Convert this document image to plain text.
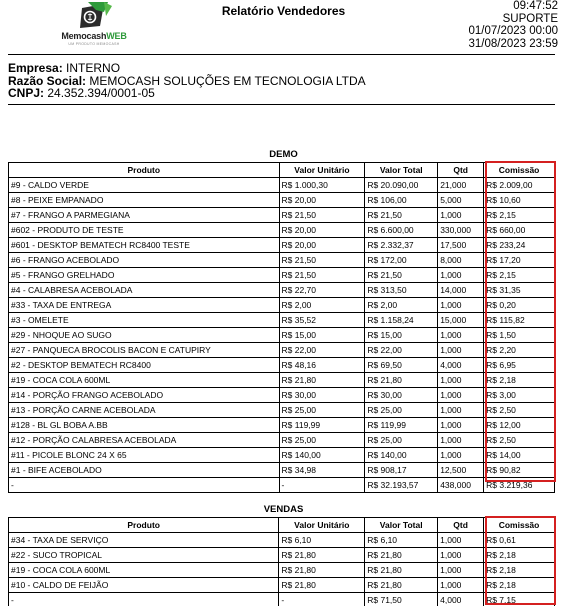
MemocashWEB
UM PRODUTO MEMOCASH
Relatório Vendedores	09:47:52
SUPORTE
01/07/2023 00:00
31/08/2023 23:59
Empresa: INTERNO
Razão Social: MEMOCASH SOLUÇÕES EM TECNOLOGIA LTDA
CNPJ: 24.352.394/0001-05
DEMO
Produto	Valor Unitário	Valor Total	Qtd	Comissão
#9 - CALDO VERDE	R$ 1.000,30	R$ 20.090,00	21,000	R$ 2.009,00
#8 - PEIXE EMPANADO	R$ 20,00	R$ 106,00	5,000	R$ 10,60
#7 - FRANGO A PARMEGIANA	R$ 21,50	R$ 21,50	1,000	R$ 2,15
#602 - PRODUTO DE TESTE	R$ 20,00	R$ 6.600,00	330,000	R$ 660,00
#601 - DESKTOP BEMATECH RC8400 TESTE	R$ 20,00	R$ 2.332,37	17,500	R$ 233,24
#6 - FRANGO ACEBOLADO	R$ 21,50	R$ 172,00	8,000	R$ 17,20
#5 - FRANGO GRELHADO	R$ 21,50	R$ 21,50	1,000	R$ 2,15
#4 - CALABRESA ACEBOLADA	R$ 22,70	R$ 313,50	14,000	R$ 31,35
#33 - TAXA DE ENTREGA	R$ 2,00	R$ 2,00	1,000	R$ 0,20
#3 - OMELETE	R$ 35,52	R$ 1.158,24	15,000	R$ 115,82
#29 - NHOQUE AO SUGO	R$ 15,00	R$ 15,00	1,000	R$ 1,50
#27 - PANQUECA BROCOLIS BACON E CATUPIRY	R$ 22,00	R$ 22,00	1,000	R$ 2,20
#2 - DESKTOP BEMATECH RC8400	R$ 48,16	R$ 69,50	4,000	R$ 6,95
#19 - COCA COLA 600ML	R$ 21,80	R$ 21,80	1,000	R$ 2,18
#14 - PORÇÃO FRANGO ACEBOLADO	R$ 30,00	R$ 30,00	1,000	R$ 3,00
#13 - PORÇÃO CARNE ACEBOLADA	R$ 25,00	R$ 25,00	1,000	R$ 2,50
#128 - BL GL BOBA A.BB	R$ 119,99	R$ 119,99	1,000	R$ 12,00
#12 - PORÇÃO CALABRESA ACEBOLADA	R$ 25,00	R$ 25,00	1,000	R$ 2,50
#11 - PICOLE BLONC 24 X 65	R$ 140,00	R$ 140,00	1,000	R$ 14,00
#1 - BIFE ACEBOLADO	R$ 34,98	R$ 908,17	12,500	R$ 90,82
-	-	R$ 32.193,57	438,000	R$ 3.219,36
VENDAS
Produto	Valor Unitário	Valor Total	Qtd	Comissão
#34 - TAXA DE SERVIÇO	R$ 6,10	R$ 6,10	1,000	R$ 0,61
#22 - SUCO TROPICAL	R$ 21,80	R$ 21,80	1,000	R$ 2,18
#19 - COCA COLA 600ML	R$ 21,80	R$ 21,80	1,000	R$ 2,18
#10 - CALDO DE FEIJÃO	R$ 21,80	R$ 21,80	1,000	R$ 2,18
-	-	R$ 71,50	4,000	R$ 7,15
